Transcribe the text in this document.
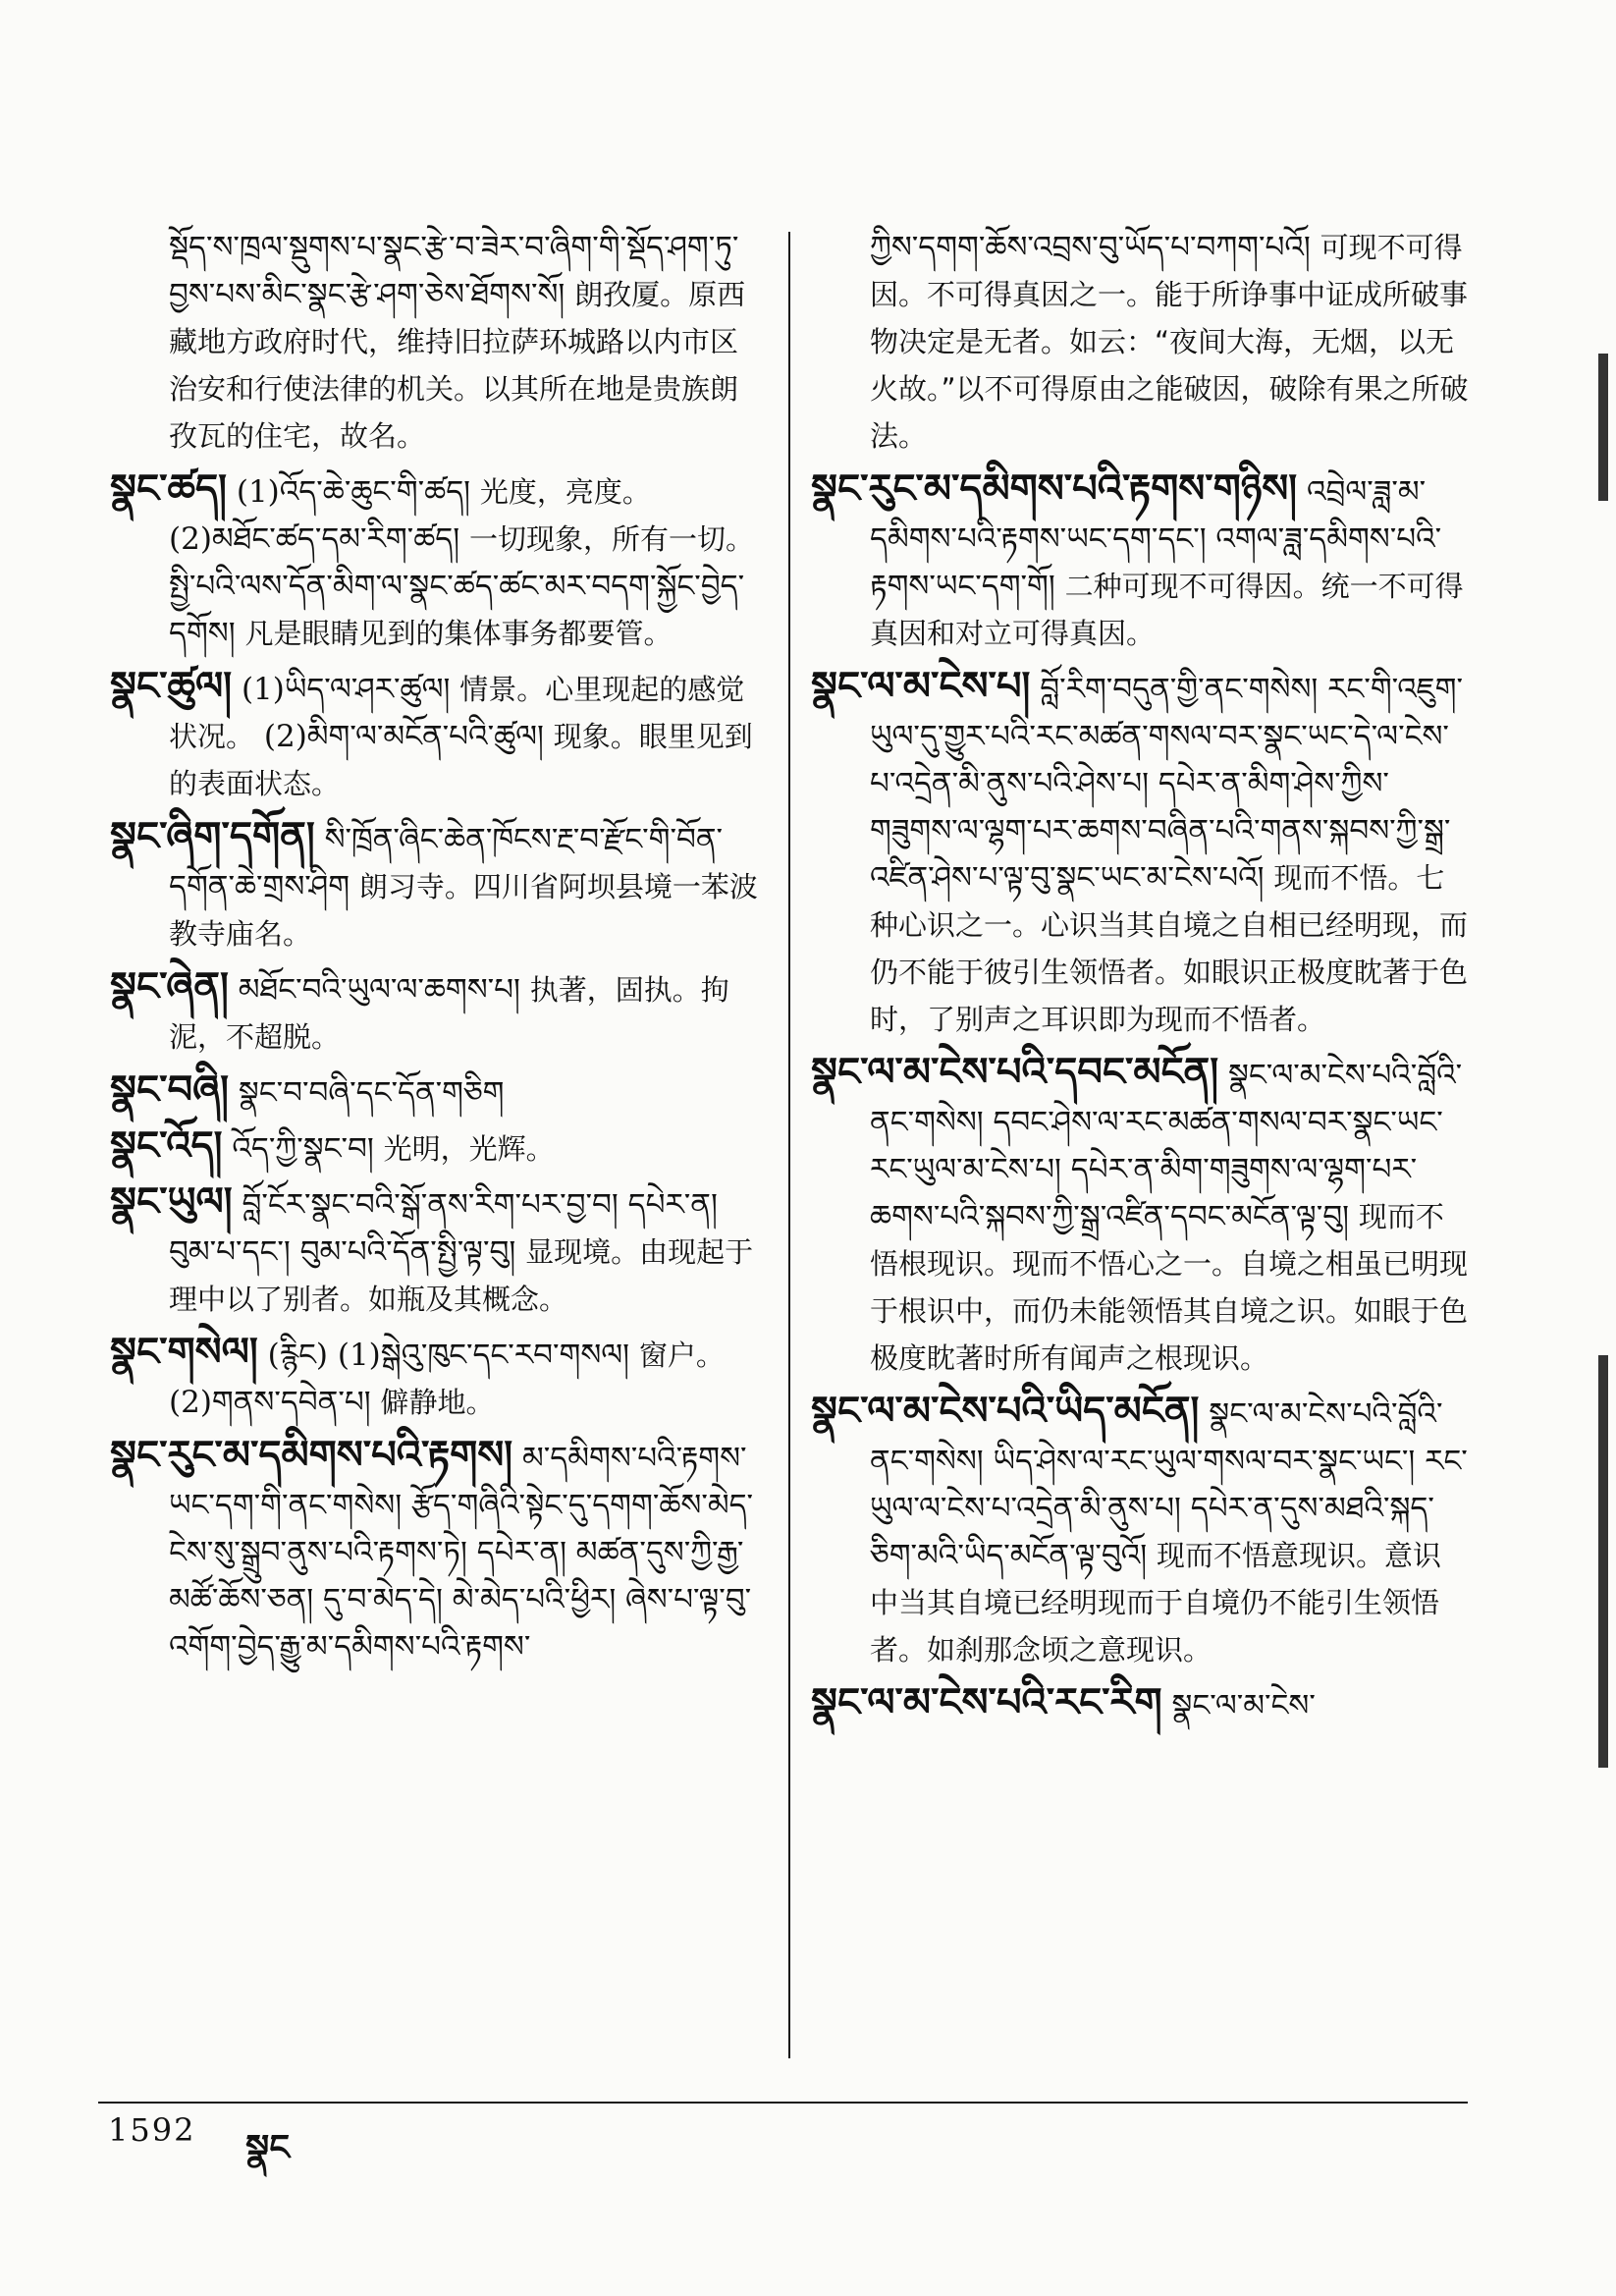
སྡོད་ས་ཁྲལ་སྡུགས་པ་སྣང་རྩེ་བ་ཟེར་བ་ཞིག་གི་སྡོད་ཤག་ཏུ་བྱས་པས་མིང་སྣང་རྩེ་ཤག་ཅེས་ཐོགས་སོ། 朗孜厦。原西藏地方政府时代，维持旧拉萨环城路以内市区治安和行使法律的机关。以其所在地是贵族朗孜瓦的住宅，故名。
སྣང་ཚད། (1)འོད་ཆེ་ཆུང་གི་ཚད། 光度，亮度。 (2)མཐོང་ཚད་དམ་རིག་ཚད། 一切现象，所有一切。 སྤྱི་པའི་ལས་དོན་མིག་ལ་སྣང་ཚད་ཚང་མར་བདག་སྐྱོང་བྱེད་དགོས། 凡是眼睛见到的集体事务都要管。
སྣང་ཚུལ། (1)ཡིད་ལ་ཤར་ཚུལ། 情景。心里现起的感觉状况。 (2)མིག་ལ་མངོན་པའི་ཚུལ། 现象。眼里见到的表面状态。
སྣང་ཞིག་དགོན། སི་ཁྲོན་ཞིང་ཆེན་ཁོངས་རྔ་བ་རྫོང་གི་བོན་དགོན་ཆེ་གྲས་ཤིག 朗习寺。四川省阿坝县境一苯波教寺庙名。
སྣང་ཞེན། མཐོང་བའི་ཡུལ་ལ་ཆགས་པ། 执著，固执。拘泥，不超脱。
སྣང་བཞི། སྣང་བ་བཞི་དང་དོན་གཅིག
སྣང་འོད། འོད་ཀྱི་སྣང་བ། 光明，光辉。
སྣང་ཡུལ། བློ་ངོར་སྣང་བའི་སྒོ་ནས་རིག་པར་བྱ་བ། དཔེར་ན། བུམ་པ་དང་། བུམ་པའི་དོན་སྤྱི་ལྟ་བུ། 显现境。由现起于理中以了别者。如瓶及其概念。
སྣང་གསེལ། (རྙིང) (1)སྒེའུ་ཁུང་དང་རབ་གསལ། 窗户。 (2)གནས་དབེན་པ། 僻静地。
སྣང་རུང་མ་དམིགས་པའི་རྟགས། མ་དམིགས་པའི་རྟགས་ཡང་དག་གི་ནང་གསེས། རྩོད་གཞིའི་སྟེང་དུ་དགག་ཆོས་མེད་ངེས་སུ་སྒྲུབ་ནུས་པའི་རྟགས་ཏེ། དཔེར་ན། མཚན་དུས་ཀྱི་རྒྱ་མཚོ་ཆོས་ཅན། དུ་བ་མེད་དེ། མེ་མེད་པའི་ཕྱིར། ཞེས་པ་ལྟ་བུ་འགོག་བྱེད་རྒྱུ་མ་དམིགས་པའི་རྟགས་
ཀྱིས་དགག་ཆོས་འབྲས་བུ་ཡོད་པ་བཀག་པའོ། 可现不可得因。不可得真因之一。能于所诤事中证成所破事物决定是无者。如云：“夜间大海，无烟，以无火故。”以不可得原由之能破因，破除有果之所破法。
སྣང་རུང་མ་དམིགས་པའི་རྟགས་གཉིས། འབྲེལ་ཟླ་མ་དམིགས་པའི་རྟགས་ཡང་དག་དང་། འགལ་ཟླ་དམིགས་པའི་རྟགས་ཡང་དག་གོ། 二种可现不可得因。统一不可得真因和对立可得真因。
སྣང་ལ་མ་ངེས་པ། བློ་རིག་བདུན་གྱི་ནང་གསེས། རང་གི་འཇུག་ཡུལ་དུ་གྱུར་པའི་རང་མཚན་གསལ་བར་སྣང་ཡང་དེ་ལ་ངེས་པ་འདྲེན་མི་ནུས་པའི་ཤེས་པ། དཔེར་ན་མིག་ཤེས་ཀྱིས་གཟུགས་ལ་ལྷག་པར་ཆགས་བཞིན་པའི་གནས་སྐབས་ཀྱི་སྒྲ་འཛིན་ཤེས་པ་ལྟ་བུ་སྣང་ཡང་མ་ངེས་པའོ། 现而不悟。七种心识之一。心识当其自境之自相已经明现，而仍不能于彼引生领悟者。如眼识正极度眈著于色时，了别声之耳识即为现而不悟者。
སྣང་ལ་མ་ངེས་པའི་དབང་མངོན། སྣང་ལ་མ་ངེས་པའི་བློའི་ནང་གསེས། དབང་ཤེས་ལ་རང་མཚན་གསལ་བར་སྣང་ཡང་རང་ཡུལ་མ་ངེས་པ། དཔེར་ན་མིག་གཟུགས་ལ་ལྷག་པར་ཆགས་པའི་སྐབས་ཀྱི་སྒྲ་འཛིན་དབང་མངོན་ལྟ་བུ། 现而不悟根现识。现而不悟心之一。自境之相虽已明现于根识中，而仍未能领悟其自境之识。如眼于色极度眈著时所有闻声之根现识。
སྣང་ལ་མ་ངེས་པའི་ཡིད་མངོན། སྣང་ལ་མ་ངེས་པའི་བློའི་ནང་གསེས། ཡིད་ཤེས་ལ་རང་ཡུལ་གསལ་བར་སྣང་ཡང་། རང་ཡུལ་ལ་ངེས་པ་འདྲེན་མི་ནུས་པ། དཔེར་ན་དུས་མཐའི་སྐད་ཅིག་མའི་ཡིད་མངོན་ལྟ་བུའོ། 现而不悟意现识。意识中当其自境已经明现而于自境仍不能引生领悟者。如刹那念顷之意现识。
སྣང་ལ་མ་ངེས་པའི་རང་རིག སྣང་ལ་མ་ངེས་
1592 སྣང
